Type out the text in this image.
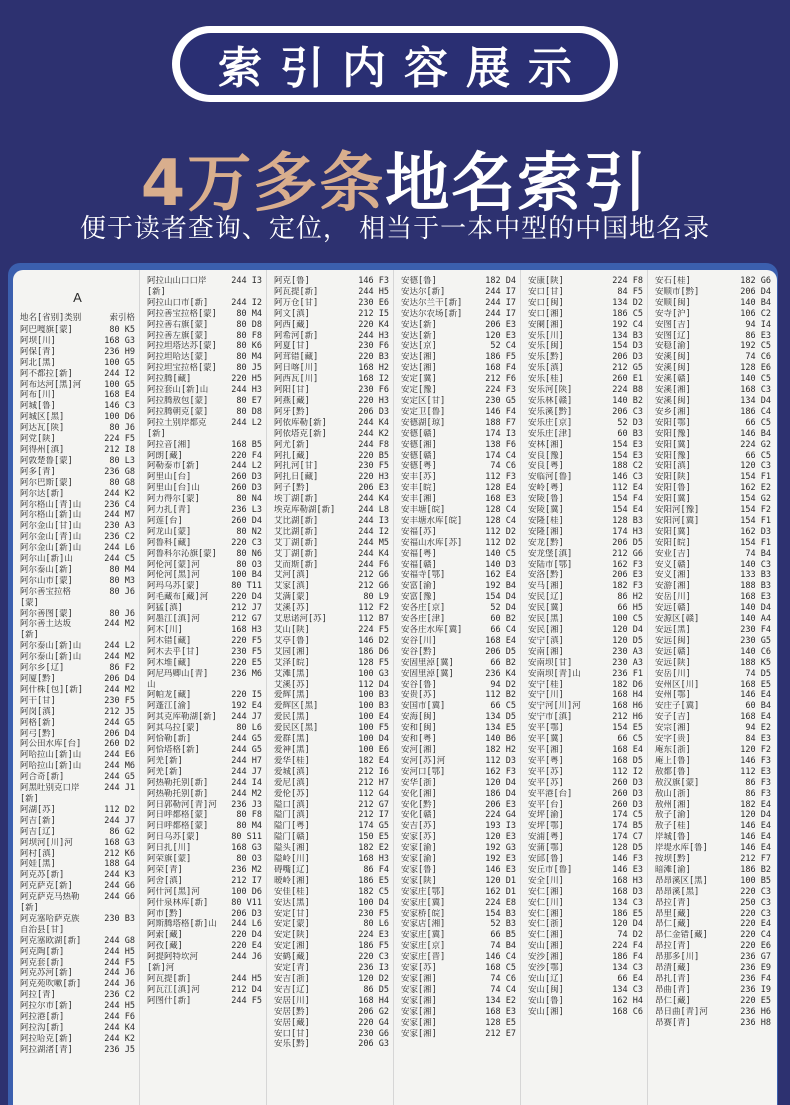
索引内容展示
4万多条地名索引
便于读者查询、定位， 相当于一本中型的中国地名录
A
地名[省别]类别	索引格
阿巴嘎旗[蒙]	80 K5
阿坝[川]	168 G3
阿保[青]	236 H9
阿北[黑]	100 G5
阿不都拉[新]	244 I2
阿布达河[黑]河	100 G5
阿布[川]	168 E4
阿城[鲁]	146 C3
阿城区[黑]	100 D6
阿达瓦[陕]	80 J6
阿党[陕]	224 F5
阿得州[滇]	212 I8
阿敦楚鲁[蒙]	80 L3
阿多[青]	236 G8
阿尔巴斯[蒙]	80 G8
阿尔达[新]	244 K2
阿尔格山[青]山	236 C4
阿尔格山[新]山	244 M7
阿尔金山[甘]山	230 A3
阿尔金山[青]山	236 C2
阿尔金山[新]山	244 L6
阿尔山[新]山	244 C5
阿尔泰山[新]	80 M4
阿尔山市[蒙]	80 M3
阿尔善宝拉格	80 J6
[蒙]
阿尔善图[蒙]	80 J6
阿尔善土达坂	244 M2
[新]
阿尔泰山[新]山	244 L2
阿尔泰山[新]山	244 M2
阿尔乡[辽]	86 F2
阿厦[黔]	206 D4
阿什株[包][新]	244 M2
阿干[甘]	230 F5
阿岗[滇]	212 J5
阿格[新]	244 G5
阿弓[黔]	206 D4
阿公田水库[台]	260 D2
阿哈拉山[新]山	244 E6
阿哈拉山[新]山	244 M6
阿合奇[新]	244 G5
阿黑吐别克口岸	244 J1
[新]
阿湖[苏]	112 D2
阿吉[新]	244 J7
阿吉[辽]	86 G2
阿坝河[川]河	168 G3
阿村[滇]	212 K6
阿娃[黑]	188 G4
阿克苏[新]	244 K3
阿克萨克[新]	244 G6
阿克萨克马热勒	244 G6
[新]
阿克塞哈萨克族	230 B3
自治县[甘]
阿克塞欧湖[新]	244 G8
阿克陶[新]	244 H5
阿克套[新]	244 F5
阿克苏河[新]	244 J6
阿克苑吹嗽[新]	244 J6
阿拉[青]	236 C2
阿拉尔市[新]	244 H5
阿拉港[新]	244 F6
阿拉沟[新]	244 K4
阿拉哈克[新]	244 K2
阿拉湖渚[青]	236 J5
阿拉山山口口岸	244 I3
[新]
阿拉山口市[新]	244 I2
阿拉善宝拉格[蒙]	80 M4
阿拉善右旗[蒙]	80 D8
阿拉善左旗[蒙]	80 F8
阿拉坦塔达苏[蒙]	80 K6
阿拉坦哈达[蒙]	80 M4
阿拉坦宝拉格[蒙]	80 J5
阿拉腾[藏]	220 H5
阿拉套山[新]山	244 H3
阿拉腾敖包[蒙]	80 E7
阿拉腾朝克[蒙]	80 D8
阿拉土别岸都克	244 L2
[新]
阿拉音[湘]	168 B5
阿朗[藏]	220 F4
阿勒泰市[新]	244 L2
阿里山[台]	260 D3
阿里山[台]山	260 D3
阿力得尔[蒙]	80 N4
阿力扎[青]	236 L3
阿莲[台]	260 D4
阿龙山[蒙]	80 N2
阿鲁科[藏]	220 C3
阿鲁科尔沁旗[蒙]	80 N6
阿伦河[蒙]河	80 O3
阿伦河[黑]河	100 B4
阿玛乌苏[蒙]	80 T11
阿毛藏布[藏]河	220 D4
阿猛[滇]	212 J7
阿墨江[滇]河	212 G7
阿木[川]	168 H3
阿木错[藏]	220 F5
阿木去乎[甘]	230 F5
阿木堆[藏]	220 E5
阿尼玛卿山[青]	236 M6
山
阿帕龙[藏]	220 I5
阿蓬江[渝]	192 E4
阿其克库勒湖[新]	244 J7
阿其乌拉[蒙]	80 L6
阿恰勒[新]	244 G5
阿恰塔格[新]	244 G5
阿羌[新]	244 H7
阿羌[新]	244 J7
阿热勒托别[新]	244 I4
阿热勒托别[新]	244 M2
阿日郭勒河[青]河	236 J3
阿日呼都格[蒙]	80 F8
阿日呼都格[蒙]	80 M4
阿日乌苏[蒙]	80 S11
阿日扎[川]	168 G3
阿荣旗[蒙]	80 O3
阿荣[青]	236 M2
阿舍[滇]	212 I7
阿什河[黑]河	100 D6
阿什泉林库[新]	80 V11
阿市[黔]	206 D3
阿斯腾塔格[新]山	244 L6
阿索[藏]	220 D4
阿孜[藏]	220 E4
阿提阿特坎河	244 J6
[新]河
阿瓦提[新]	244 H5
阿瓦江[滇]河	212 D4
阿图什[新]	244 F5
阿克[鲁]	146 F3
阿瓦提[新]	244 H5
阿万仓[甘]	230 E6
阿文[滇]	212 I5
阿西[藏]	220 K4
阿希河[新]	244 H3
阿夏[甘]	230 F6
阿茸错[藏]	220 B3
阿日喀[川]	168 H2
阿西瓦[川]	168 I2
阿阳[甘]	230 F6
阿燕[藏]	220 H3
阿牙[黔]	206 D3
阿依库勒[新]	244 K4
阿依塔克[新]	244 K2
阿尤[新]	244 F8
阿扎[藏]	220 B5
阿扎河[甘]	230 F5
阿扎日[藏]	220 H3
阿子[黔]	206 E3
埃丁湖[新]	244 K4
埃克库勒湖[新]	244 L8
艾比湖[新]	244 I3
艾比湖[新]	244 I2
艾丁湖[新]	244 M5
艾丁湖[新]	244 K4
艾而斯[新]	244 F6
艾河[滇]	212 G6
艾家[滇]	212 G6
艾满[蒙]	80 L9
艾溪[苏]	112 F2
艾思诺河[苏]	112 B7
艾山[陕]	224 F5
艾亭[鲁]	146 D2
艾园[湘]	186 D6
艾泽[皖]	128 F5
艾滩[黑]	100 G3
艾溪[苏]	112 D4
爱辉[黑]	100 B3
爱辉区[黑]	100 B3
爱民[黑]	100 E4
爱民区[黑]	100 F5
爱群[黑]	100 D4
爱神[黑]	100 E6
爱华[桂]	182 E4
爱城[滇]	212 I6
爱尼[滇]	212 H7
爱伦[苏]	112 G4
隘口[滇]	212 G7
隘门[滇]	212 I7
隘门[粤]	174 G5
隘门[赣]	150 E5
隘头[湘]	182 E2
隘岭[川]	168 H3
碍嘴[辽]	86 F4
暧岭[湘]	186 E5
安佳[桂]	182 C5
安达[黑]	100 D4
安定[甘]	230 F5
安定[蒙]	80 L6
安定[陕]	224 E3
安定[湘]	186 F5
安鹤[藏]	220 C3
安定[青]	236 I3
安吉[浙]	120 D2
安吉[辽]	86 D5
安居[川]	168 H4
安居[黔]	206 G2
安居[藏]	220 G4
安口[甘]	230 G6
安乐[黔]	206 G3
安德[鲁]	182 D4
安达尔[新]	244 I7
安达尔兰干[新]	244 I7
安达尔农场[新]	244 I7
安达[新]	206 E3
安达[新]	120 E3
安达[京]	52 C4
安达[湘]	186 F5
安达[湘]	168 F4
安定[冀]	212 F6
安定[豫]	224 F3
安定区[甘]	230 G5
安定卫[鲁]	146 F4
安德湖[琼]	188 F7
安德[赣]	174 I3
安德[湘]	138 F6
安德[赣]	174 C4
安德[粤]	74 C6
安丰[苏]	112 F3
安丰[皖]	128 E4
安丰[湘]	168 E3
安丰塘[皖]	128 C4
安丰塘水库[皖]	128 C4
安福[苏]	112 D2
安福山水库[苏]	112 D2
安福[粤]	140 C5
安福[赣]	140 D3
安福寺[鄂]	162 E4
安富[渝]	192 B4
安富[豫]	154 D4
安各庄[京]	52 D4
安各庄[津]	60 B2
安各庄水库[冀]	66 C4
安谷[川]	168 E4
安谷[黔]	206 D5
安固里淖[冀]	66 B2
安固里淖[冀]	236 K4
安谷[鲁]	94 D2
安贵[苏]	112 B2
安国市[冀]	66 C5
安海[闽]	134 D5
安和[闽]	134 E5
安和[粤]	140 B6
安河[湘]	182 H2
安河[苏]河	112 D3
安河口[鄂]	162 F3
安华[浙]	120 D4
安化[湘]	186 D4
安化[黔]	206 E3
安化[赣]	224 G4
安吉[苏]	193 I3
安家[苏]	120 E3
安家[渝]	192 G3
安家[渝]	192 E3
安家[鲁]	146 E3
安家[陕]	120 D1
安家庄[鄂]	162 D1
安家庄[冀]	224 E8
安家桥[皖]	154 B3
安家店[湘]	52 B3
安家庄[冀]	66 B5
安家庄[京]	74 B4
安家庄[晋]	146 C4
安家[苏]	168 C5
安家[湘]	74 C6
安家[湘]	74 C4
安家[湘]	134 E2
安家[湘]	168 E3
安家[湘]	128 E5
安家[湘]	212 E7
安康[陕]	224 F8
安口[甘]	84 F5
安口[闽]	134 D2
安口[湘]	186 C5
安阑[湘]	192 C4
安乐[川]	134 B3
安乐[闽]	154 D3
安乐[黔]	206 D3
安乐[滇]	212 G5
安乐[桂]	260 E1
安乐河[陕]	224 B8
安乐林[赣]	140 B2
安乐溪[黔]	206 C3
安乐庄[京]	52 D3
安乐庄[津]	60 B3
安林[湘]	154 E3
安良[豫]	154 E3
安良[粤]	188 C2
安临河[鲁]	146 C3
安岭[粤]	112 E4
安陵[鲁]	154 F4
安陵[冀]	154 E4
安隆[桂]	128 B3
安隆[湘]	174 H3
安龙[黔]	206 D5
安龙堡[滇]	212 G6
安陆市[鄂]	162 F3
安洛[黔]	206 E3
安马[湘]	182 F3
安民[辽]	86 H2
安民[冀]	66 H5
安民[黑]	100 C5
安民[湘]	120 D4
安宁[滇]	120 D5
安南[湘]	230 A3
安南坝[甘]	230 A3
安南坝[青]山	236 F1
安宁[桂]	182 D6
安宁[川]	168 H4
安宁河[川]河	168 H6
安宁市[滇]	212 H6
安平[鄂]	154 E5
安平[冀]	66 C5
安平[湘]	168 E4
安平[粤]	168 D5
安平[苏]	112 I2
安平[苏]	260 D3
安平港[台]	260 D3
安平[台]	260 D3
安坪[渝]	174 C5
安坪[鄂]	174 B5
安浦[粤]	174 C7
安蒲[鄂]	128 D5
安邱[鲁]	146 F3
安丘市[鲁]	146 E3
安全[川]	168 H3
安仁[湘]	168 D3
安仁[川]	134 C3
安仁[湘]	186 E5
安仁[浙]	120 D4
安仁[湘]	74 D2
安山[湘]	224 F4
安沙[湘]	186 F4
安沙[鄂]	134 C3
安山[辽]	66 E4
安山[闽]	134 C3
安山[鲁]	162 H4
安山[湘]	168 C6
安石[桂]	182 G6
安顺市[黔]	206 D4
安顺[闽]	140 B4
安寺[沪]	106 C2
安图[吉]	94 I4
安图[辽]	86 E3
安稳[渝]	192 C5
安溪[闽]	74 C6
安溪[闽]	128 E6
安溪[赣]	140 C5
安溪[湘]	168 C3
安溪[闽]	134 D4
安乡[湘]	186 C4
安阳[鄂]	66 C5
安阳[豫]	146 B4
安阳[冀]	224 G2
安阳[豫]	66 C5
安阳[滇]	120 C3
安阳[陕]	154 F1
安阳[鲁]	162 E2
安阳[冀]	154 G2
安阳河[豫]	154 F2
安阳河[冀]	154 F1
安阳[冀]	162 D3
安阳[皖]	154 F1
安业[吉]	74 B4
安义[赣]	140 C3
安义[湘]	133 B3
安游[湘]	188 B3
安岳[川]	168 E3
安远[赣]	140 D4
安源区[赣]	140 A4
安远[黑]	230 F4
安远[闽]	230 G5
安远[赣]	140 C6
安远[陕]	188 K5
安岳[川]	74 D5
安州区[川]	168 E5
安州[鄂]	146 E4
安庄子[冀]	60 B4
安子[吉]	168 E4
安宗[湘]	94 E2
安字[贵]	84 E3
庵东[浙]	120 F2
庵上[鲁]	146 F3
敖都[鲁]	112 E3
敖汉旗[蒙]	86 F3
敖山[浙]	86 F3
敖州[湘]	182 E4
敖子[渝]	120 D4
敖子[桂]	146 E4
岸城[鲁]	146 E4
岸堤水库[鲁]	146 E4
按坝[黔]	212 F7
暗滩[渝]	186 B2
昂昂溪区[黑]	100 B5
昂昂溪[黑]	220 C3
昂拉[青]	250 C3
昂里[藏]	220 C3
昂仁[藏]	220 E4
昂仁金错[藏]	220 C4
昂拉[青]	220 E6
昂那多[川]	236 G7
昂清[藏]	236 E9
昂扎[青]	236 F4
昂曲[青]	236 I9
昂仁[藏]	220 E5
昂日曲[青]河	236 H6
昂赛[青]	236 H8
